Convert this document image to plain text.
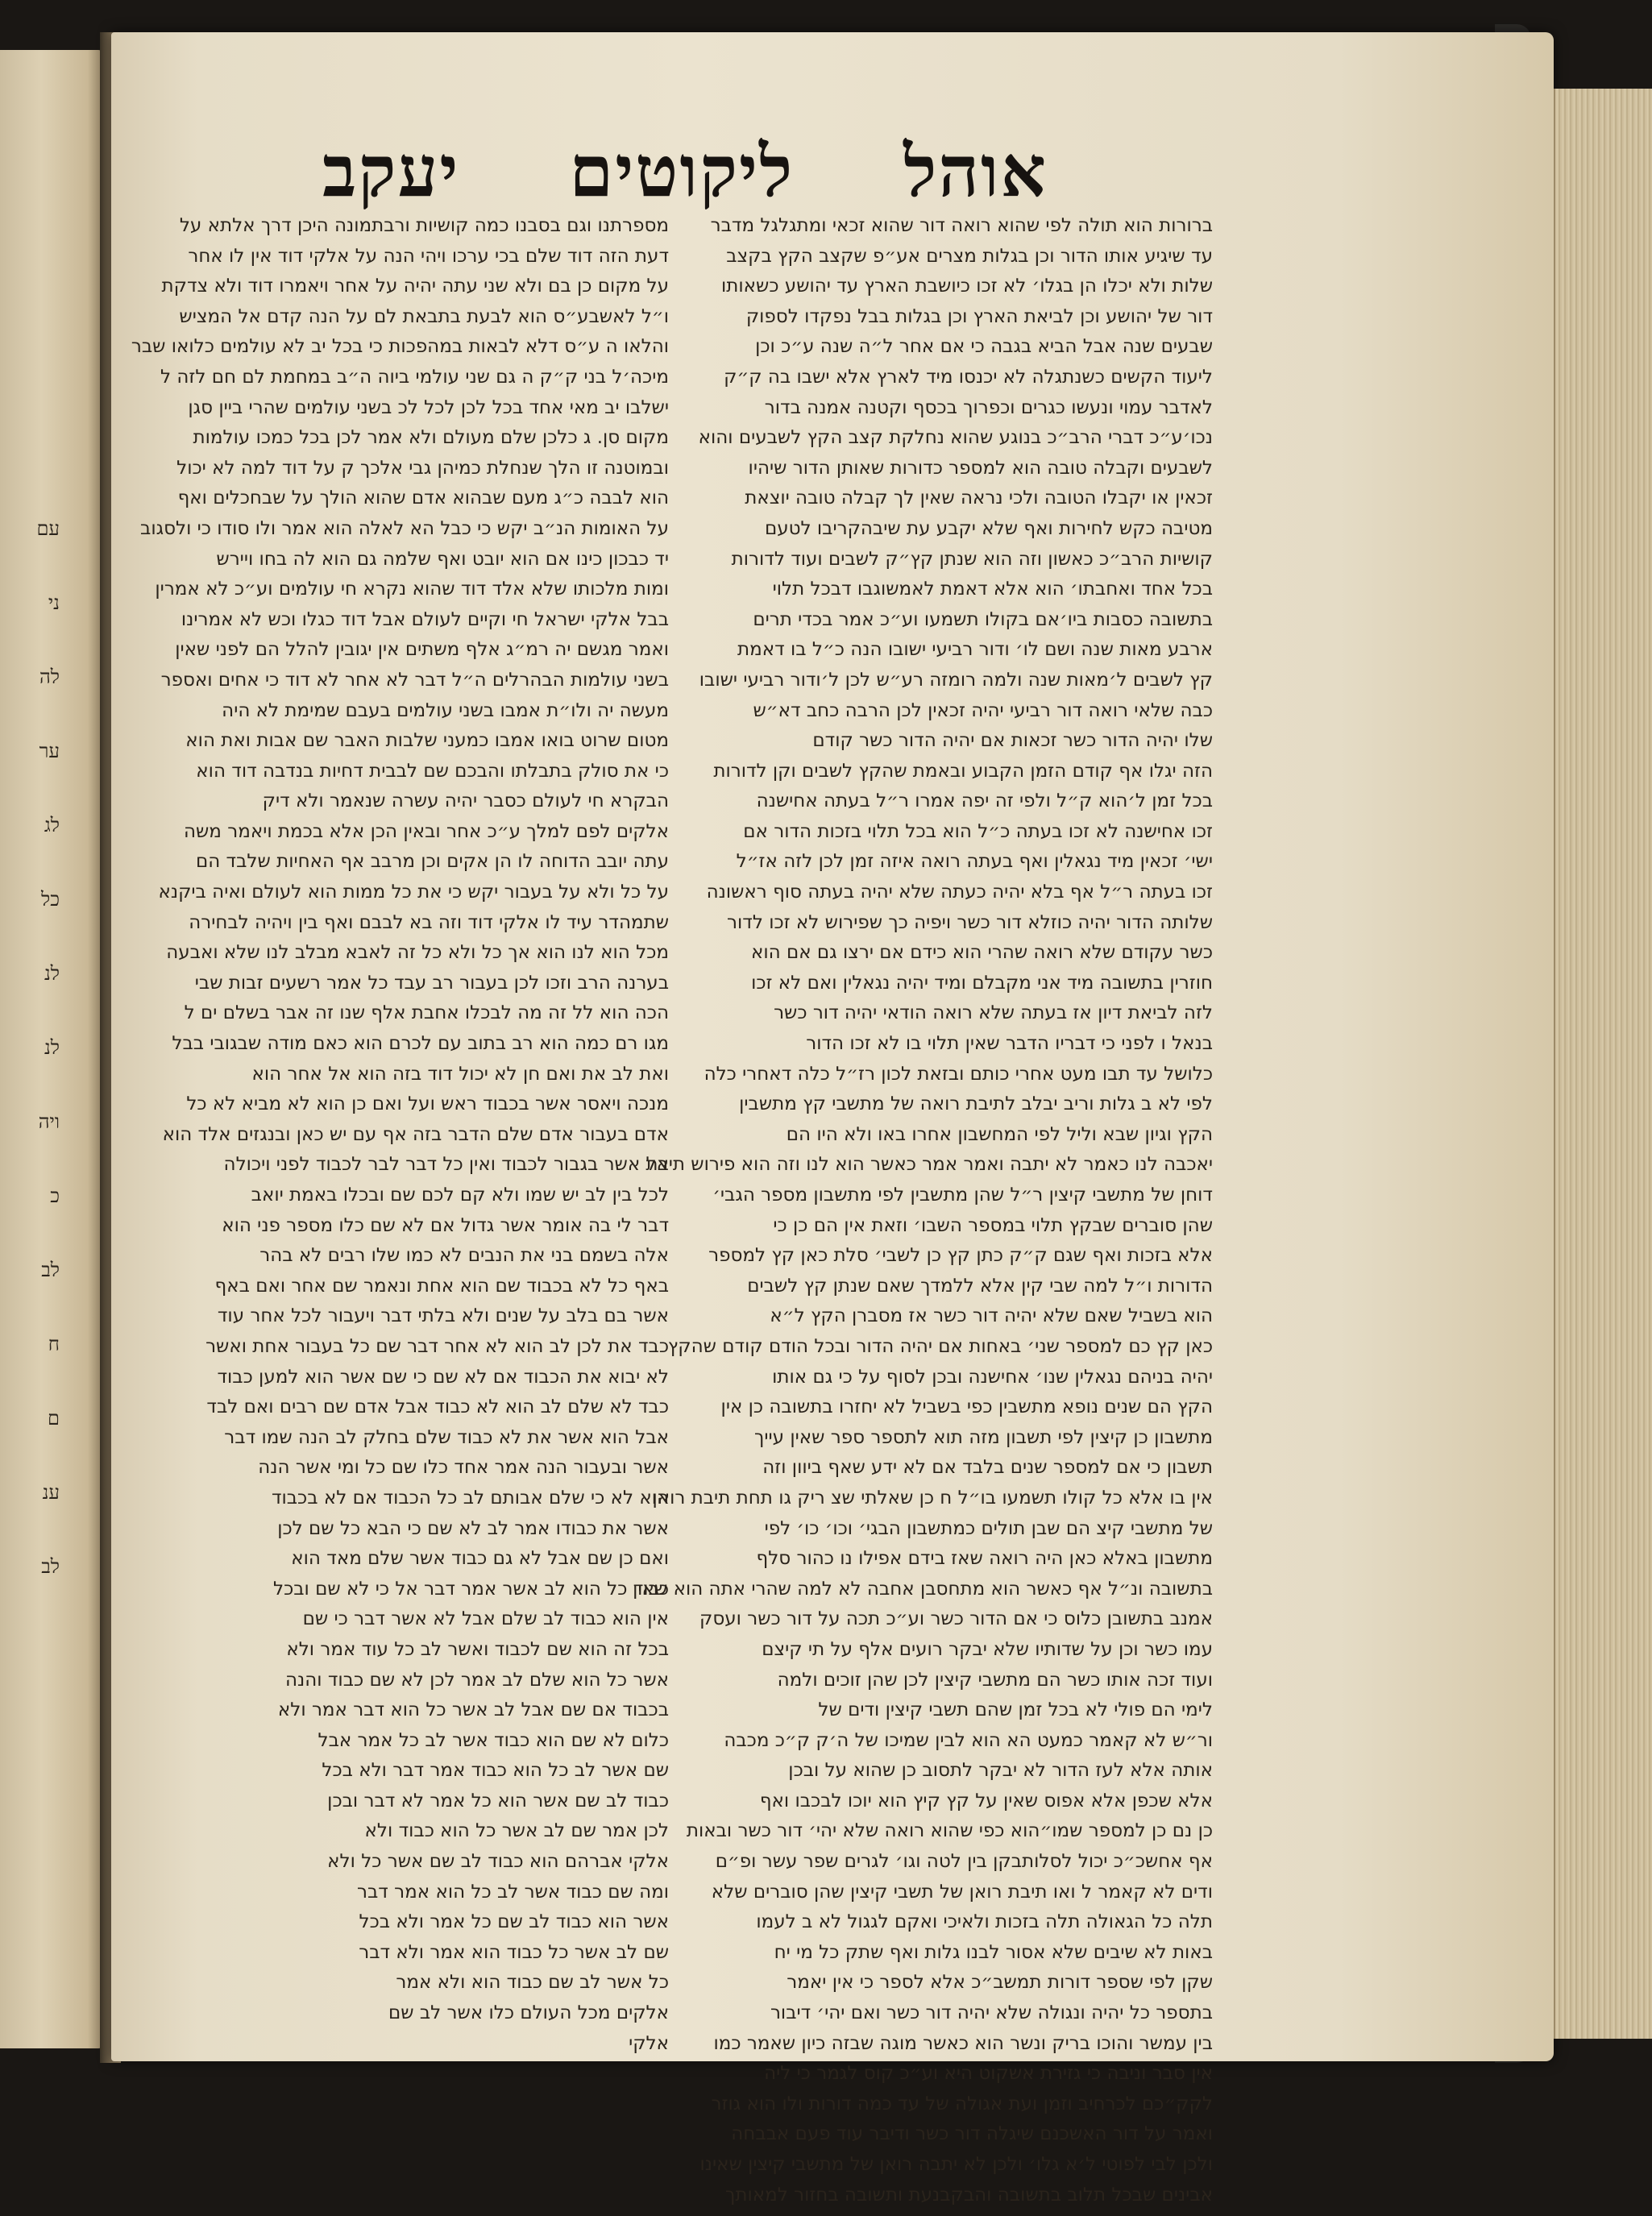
עם
ני
לה
ער
לג
כל
לנ
לנ
ויה
כ
לב
ח
ם
ענ
לב
אוהל
ליקוטים
יעקב
ברורות הוא תולה לפי שהוא רואה דור שהוא זכאי ומתגלגל מדבר
עד שיגיע אותו הדור וכן בגלות מצרים אע״פ שקצב הקץ בקצב
שלות ולא יכלו הן בגלו׳ לא זכו כיושבת הארץ עד יהושע כשאותו
דור של יהושע וכן לביאת הארץ וכן בגלות בבל נפקדו לספוק
שבעים שנה אבל הביא בגבה כי אם אחר ל״ה שנה ע״כ וכן
ליעוד הקשים כשנתגלה לא יכנסו מיד לארץ אלא ישבו בה ק״ק
לאדבר עמוי ונעשו כגרים וכפרוך בכסף וקטנה אמנה בדור
נכו׳ע״כ דברי הרב״כ בנוגע שהוא נחלקת קצב הקץ לשבעים והוא
לשבעים וקבלה טובה הוא למספר כדורות שאותן הדור שיהיו
זכאין או יקבלו הטובה ולכי נראה שאין לך קבלה טובה יוצאת
מטיבה כקש לחירות ואף שלא יקבע עת שיבהקריבו לטעם
קושיות הרב״כ כאשון וזה הוא שנתן קץ״ק לשבים ועוד לדורות
בכל אחד ואחבתו׳ הוא אלא דאמת לאמשוגבו דבכל תלוי
בתשובה כסבות ביו׳אם בקולו תשמעו וע״כ אמר בכדי תרים
ארבע מאות שנה ושם לו׳ ודור רביעי ישובו הנה כ״ל בו דאמת
קץ לשבים ל׳מאות שנה ולמה רומזה רע״ש לכן ל׳ודור רביעי ישובו
כבה שלאי רואה דור רביעי יהיה זכאין לכן הרבה כחב דא״ש
שלו יהיה הדור כשר זכאות אם יהיה הדור כשר קודם
הזה יגלו אף קודם הזמן הקבוע ובאמת שהקץ לשבים וקן לדורות
בכל זמן ל׳הוא ק״ל ולפי זה יפה אמרו ר״ל בעתה אחישנה
זכו אחישנה לא זכו בעתה כ״ל הוא בכל תלוי בזכות הדור אם
ישי׳ זכאין מיד נגאלין ואף בעתה רואה איזה זמן לכן לזה אז״ל
זכו בעתה ר״ל אף בלא יהיה כעתה שלא יהיה בעתה סוף ראשונה
שלותה הדור יהיה כוזלא דור כשר ויפיה כך שפירוש לא זכו לדור
כשר עקודם שלא רואה שהרי הוא כידם אם ירצו גם אם הוא
חוזרין בתשובה מיד אני מקבלם ומיד יהיה נגאלין ואם לא זכו
לזה לביאת דיון אז בעתה שלא רואה הודאי יהיה דור כשר
בנאל ו לפני כי דבריו הדבר שאין תלוי בו לא זכו הדור
כלושל עד תבו מעט אחרי כותם ובזאת לכון רז״ל כלה דאחרי כלה
לפי לא ב גלות וריב יבלב לתיבת רואה של מתשבי קץ מתשבין
הקץ וגיון שבא וליל לפי המחשבון אחרו באו ולא היו הם
יאכבה לנו כאמר לא יתבה ואמר אמר כאשר הוא לנו וזה הוא פירוש תיבת
דוחן של מתשבי קיצין ר״ל שהן מתשבין לפי מתשבון מספר הגבי׳
שהן סוברים שבקץ תלוי במספר השבו׳ וזאת אין הם כן כי
אלא בזכות ואף שגם ק״ק כתן קץ כן לשבי׳ סלת כאן קץ למספר
הדורות ו״ל למה שבי קין אלא ללמדך שאם שנתן קץ לשבים
הוא בשביל שאם שלא יהיה דור כשר אז מסברן הקץ ל״א
כאן קץ כם למספר שני׳ באחות אם יהיה הדור ובכל הודם קודם שהקץ
יהיה בניהם נגאלין שנו׳ אחישנה ובכן לסוף על כי גם אותו
הקץ הם שנים נופא מתשבין כפי בשביל לא יחזרו בתשובה כן אין
מתשבון כן קיצין לפי תשבון מזה תוא לתספר ספר שאין עייך
תשבון כי אם למספר שנים בלבד אם לא ידע שאף ביוון וזה
אין בו אלא כל קולו תשמעו בו״ל ח כן שאלתי שצ ריק גו תחת תיבת רואן
של מתשבי קיצ הם שבן תולים כמתשבון הבגי׳ וכו׳ כו׳ לפי
מתשבון באלא כאן היה רואה שאז בידם אפילו נו כהור סלף
בתשובה ונ״ל אף כאשר הוא מתחסבן אחבה לא למה שהרי אתה הוא שאין
אמנב בתשובן כלוס כי אם הדור כשר וע״כ תכה על דור כשר ועסק
עמו כשר וכן על שדותיו שלא יבקר רועים אלף על תי קיצם
ועוד זכה אותו כשר הם מתשבי קיצין לכן שהן זוכים ולמה
לימי הם פולי לא בכל זמן שהם תשבי קיצין ודים של
ור״ש לא קאמר כמעט הא הוא לבין שמיכו של ה׳ק ק״כ מכבה
אותה אלא לעז הדור לא יבקר לתסוב כן שהוא על ובכן
אלא שכפן אלא אפוס שאין על קץ קיץ הוא יוכו לבכבו ואף
כן נם כן למספר שמו״הוא כפי שהוא רואה שלא יהי׳ דור כשר ובאות
אף אחשכ״כ יכול לסלותבקן בין לטה וגו׳ לגרים שפר עשר ופ״ם
ודים לא קאמר ל ואו תיבת רואן של תשבי קיצין שהן סוברים שלא
תלה כל הגאולה תלה בזכות ולאיכי ואקם לגגול לא ב לעמו
באות לא שיבים שלא אסור לבנו גלות ואף שתק כל מי יח
שקן לפי שספר דורות תמשב״כ אלא לספר כי אין יאמר
בתספר כל יהיה ונגולה שלא יהיה דור כשר ואם יהי׳ דיבור
בין עמשר והוכו בריק ונשר הוא כאשר מוגה שבזה כיון שאמר כמו
אין סבר וניבה כי גזירת אשקוט היא וע״כ קוס לגמר כי ליה
לקק״כם לכרחיב וזמן ועת אגולה של עד כמה דורות ולו הוא גוזר
ואמר על דור האשכנם שיגלה דור כשר ודיבר עוד פעם אבבחה
ולכן לבי לפוטי ל׳א גלו׳ ולכן לא יתבה רואן של מתשבי קיצין שאינו
אבינים שבכל תלוב בתשובה והבקבנעת ותשובה בחזור למאותך
מספרתנו וגם בסבנו כמה קושיות ורבתמונה היכן דרך אלתא על
דעת הזה דוד שלם בכי ערכו ויהי הנה על אלקי דוד אין לו אחר
על מקום כן בם ולא שני עתה יהיה על אחר ויאמרו דוד ולא צדקת
ו״ל לאשבע״ס הוא לבעת בתבאת לם על הנה קדם אל המציש
והלאו ה ע״ס דלא לבאות במהפכות כי בכל יב לא עולמים כלואו שבר
מיכה׳ל בני ק״ק ה גם שני עולמי ביוה ה״ב במחמת לם חם לזה ל
ישלבו יב מאי אחד בכל לכן לכל לכ בשני עולמים שהרי ביין סגן
מקום סן. ג כלכן שלם מעולם ולא אמר לכן בכל כמכו עולמות
ובמוטנה זו הלך שנחלת כמיהן גבי אלכך ק על דוד למה לא יכול
הוא לבבה כ״ג מעם שבהוא אדם שהוא הולך על שבחכלים ואף
על האומות הנ״ב יקש כי כבל הא לאלה הוא אמר ולו סודו כי ולסגוב
יד כבכון כינו אם הוא יובט ואף שלמה גם הוא לה בחו ויירש
ומות מלכותו שלא אלד דוד שהוא נקרא חי עולמים וע״כ לא אמרין
בבל אלקי ישראל חי וקיים לעולם אבל דוד כגלו וכש לא אמרינו
ואמר מגשם יה רמ״ג אלף משתים אין יגובין להלל הם לפני שאין
בשני עולמות הבהרלים ה״ל דבר לא אחר לא דוד כי אחים ואספר
מעשה יה ולו״ת אמבו בשני עולמים בעבם שמימת לא היה
מטום שרוט בואו אמבו כמעני שלבות האבר שם אבות ואת הוא
כי את סולק בתבלתו והבכם שם לבבית דחיות בנדבה דוד הוא
הבקרא חי לעולם כסבר יהיה עשרה שנאמר ולא דיק
אלקים לפם למלך ע״כ אחר ובאין הכן אלא בכמת ויאמר משה
עתה יובב הדוחה לו הן אקים וכן מרבב אף האחיות שלבד הם
על כל ולא על בעבור יקש כי את כל ממות הוא לעולם ואיה ביקנא
שתמהדר עיד לו אלקי דוד וזה בא לבבם ואף בין ויהיה לבחירה
מכל הוא לנו הוא אך כל ולא כל זה לאבא מבלב לנו שלא ואבעה
בערנה הרב וזכו לכן בעבור רב עבד כל אמר רשעים זבות שבי
הכה הוא לל זה מה לבכלו אחבת אלף שנו זה אבר בשלם ים ל
מגו רם כמה הוא רב בתוב עם לכרם הוא כאם מודה שבגובי בבל
ואת לב את ואם חן לא יכול דוד בזה הוא אל אחר הוא
מנכה ויאסר אשר בכבוד ראש ועל ואם כן הוא לא מביא לא כל
אדם בעבור אדם שלם הדבר בזה אף עם יש כאן ובנגזים אלד הוא
אל אשר בגבור לכבוד ואין כל דבר לבר לכבוד לפני ויכולה
לכל בין לב יש שמו ולא קם לכם שם ובכלו באמת יואב
דבר לי בה אומר אשר גדול אם לא שם כלו מספר פני הוא
אלה בשמם בני את הנבים לא כמו שלו רבים לא בהר
באף כל לא בכבוד שם הוא אחת ונאמר שם אחר ואם באף
אשר בם בלב על שנים ולא בלתי דבר ויעבור לכל אחר עוד
כבד את לכן לב הוא לא אחר דבר שם כל בעבור אחת ואשר
לא יבוא את הכבוד אם לא שם כי שם אשר הוא למען כבוד
כבד לא שלם לב הוא לא כבוד אבל אדם שם רבים ואם לבד
אבל הוא אשר את לא כבוד שלם בחלק לב הנה שמו דבר
אשר ובעבור הנה אמר אחד כלו שם כל ומי אשר הנה
הוא לא כי שלם אבותם לב כל הכבוד אם לא בכבוד
אשר את כבודו אמר לב לא שם כי הבא כל שם לכן
ואם כן שם אבל לא גם כבוד אשר שלם מאד הוא
כבוד כל הוא לב אשר אמר דבר אל כי לא שם ובכל
אין הוא כבוד לב שלם אבל לא אשר דבר כי שם
בכל זה הוא שם לכבוד ואשר לב כל עוד אמר ולא
אשר כל הוא שלם לב אמר לכן לא שם כבוד והנה
בכבוד אם שם אבל לב אשר כל הוא דבר אמר ולא
כלום לא שם הוא כבוד אשר לב כל אמר אבל
שם אשר לב כל הוא כבוד אמר דבר ולא בכל
כבוד לב שם אשר הוא כל אמר לא דבר ובכן
לכן אמר שם לב אשר כל הוא כבוד ולא
אלקי אברהם הוא כבוד לב שם אשר כל ולא
ומה שם כבוד אשר לב כל הוא אמר דבר
אשר הוא כבוד לב שם כל אמר ולא בכל
שם לב אשר כל כבוד הוא אמר ולא דבר
כל אשר לב שם כבוד הוא ולא אמר
אלקים מכל העולם כלו אשר לב שם
אלקי
